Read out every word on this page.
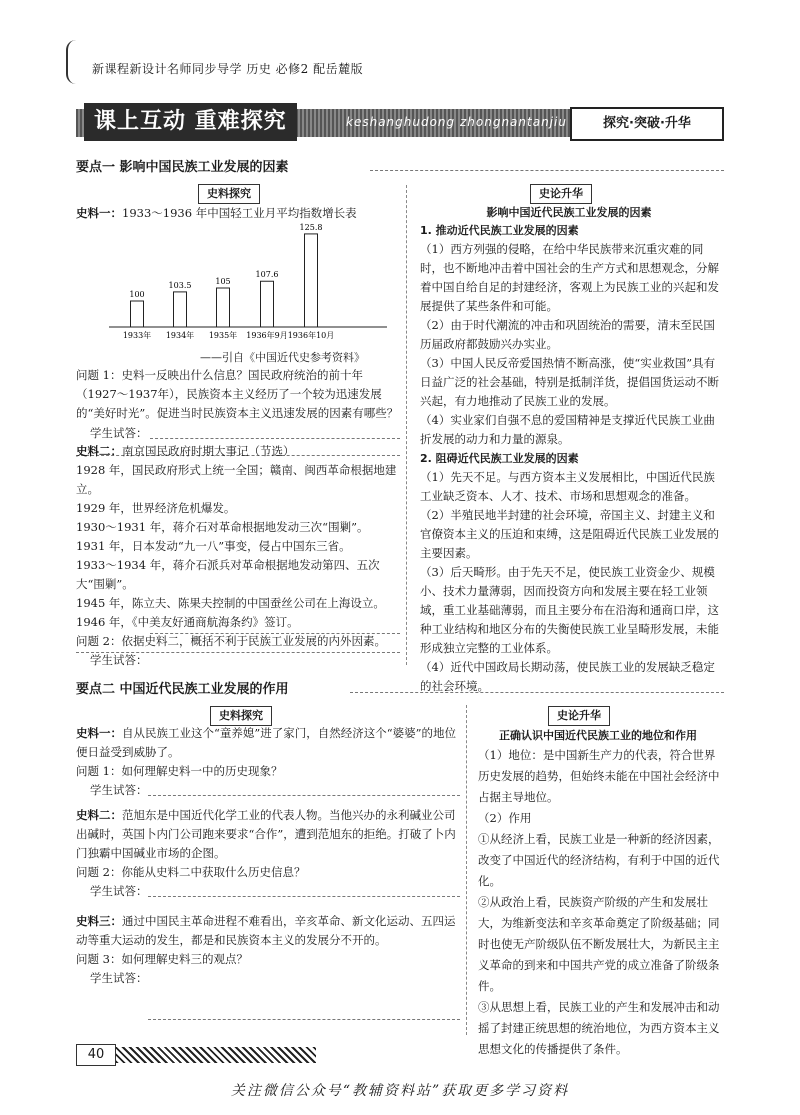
新课程新设计名师同步导学 历史 必修2 配岳麓版
课上互动 重难探究	keshanghudong zhongnantanjiu	探究·突破·升华
要点一 影响中国民族工业发展的因素
史料探究
史料一：1933～1936 年中国轻工业月平均指数增长表
100
1933年
103.5
1934年
105
1935年
107.6
1936年9月
125.8
1936年10月
——引自《中国近代史参考资料》

问题 1：史料一反映出什么信息？国民政府统治的前十年（1927～1937年），民族资本主义经历了一个较为迅速发展的“美好时光”。促进当时民族资本主义迅速发展的因素有哪些？

学生试答：

史料二：南京国民政府时期大事记（节选）

1928 年，国民政府形式上统一全国；赣南、闽西革命根据地建立。

1929 年，世界经济危机爆发。

1930～1931 年，蒋介石对革命根据地发动三次“围剿”。

1931 年，日本发动“九一八”事变，侵占中国东三省。

1933～1934 年，蒋介石派兵对革命根据地发动第四、五次大“围剿”。

1945 年，陈立夫、陈果夫控制的中国蚕丝公司在上海设立。

1946 年，《中美友好通商航海条约》签订。

问题 2：依据史料二，概括不利于民族工业发展的内外因素。

学生试答：

史论升华
影响中国近代民族工业发展的因素

1. 推动近代民族工业发展的因素

（1）西方列强的侵略，在给中华民族带来沉重灾难的同时，也不断地冲击着中国社会的生产方式和思想观念，分解着中国自给自足的封建经济，客观上为民族工业的兴起和发展提供了某些条件和可能。

（2）由于时代潮流的冲击和巩固统治的需要，清末至民国历届政府都鼓励兴办实业。

（3）中国人民反帝爱国热情不断高涨，使“实业救国”具有日益广泛的社会基础，特别是抵制洋货，提倡国货运动不断兴起，有力地推动了民族工业的发展。

（4）实业家们自强不息的爱国精神是支撑近代民族工业曲折发展的动力和力量的源泉。

2. 阻碍近代民族工业发展的因素

（1）先天不足。与西方资本主义发展相比，中国近代民族工业缺乏资本、人才、技术、市场和思想观念的准备。

（2）半殖民地半封建的社会环境，帝国主义、封建主义和官僚资本主义的压迫和束缚，这是阻碍近代民族工业发展的主要因素。

（3）后天畸形。由于先天不足，使民族工业资金少、规模小、技术力量薄弱，因而投资方向和发展主要在轻工业领域，重工业基础薄弱，而且主要分布在沿海和通商口岸，这种工业结构和地区分布的失衡使民族工业呈畸形发展，未能形成独立完整的工业体系。

（4）近代中国政局长期动荡，使民族工业的发展缺乏稳定的社会环境。

要点二 中国近代民族工业发展的作用
史料探究

史料一：自从民族工业这个“童养媳”进了家门，自然经济这个“婆婆”的地位便日益受到威胁了。

问题 1：如何理解史料一中的历史现象？

学生试答：

史料二：范旭东是中国近代化学工业的代表人物。当他兴办的永利碱业公司出碱时，英国卜内门公司跑来要求“合作”，遭到范旭东的拒绝。打破了卜内门独霸中国碱业市场的企图。

问题 2：你能从史料二中获取什么历史信息？

学生试答：

史料三：通过中国民主革命进程不难看出，辛亥革命、新文化运动、五四运动等重大运动的发生，都是和民族资本主义的发展分不开的。

问题 3：如何理解史料三的观点？

学生试答：

史论升华
正确认识中国近代民族工业的地位和作用

（1）地位：是中国新生产力的代表，符合世界历史发展的趋势，但始终未能在中国社会经济中占据主导地位。

（2）作用

①从经济上看，民族工业是一种新的经济因素，改变了中国近代的经济结构，有利于中国的近代化。

②从政治上看，民族资产阶级的产生和发展壮大，为维新变法和辛亥革命奠定了阶级基础；同时也使无产阶级队伍不断发展壮大，为新民主主义革命的到来和中国共产党的成立准备了阶级条件。

③从思想上看，民族工业的产生和发展冲击和动摇了封建正统思想的统治地位，为西方资本主义思想文化的传播提供了条件。

40
关注微信公众号“教辅资料站”获取更多学习资料
